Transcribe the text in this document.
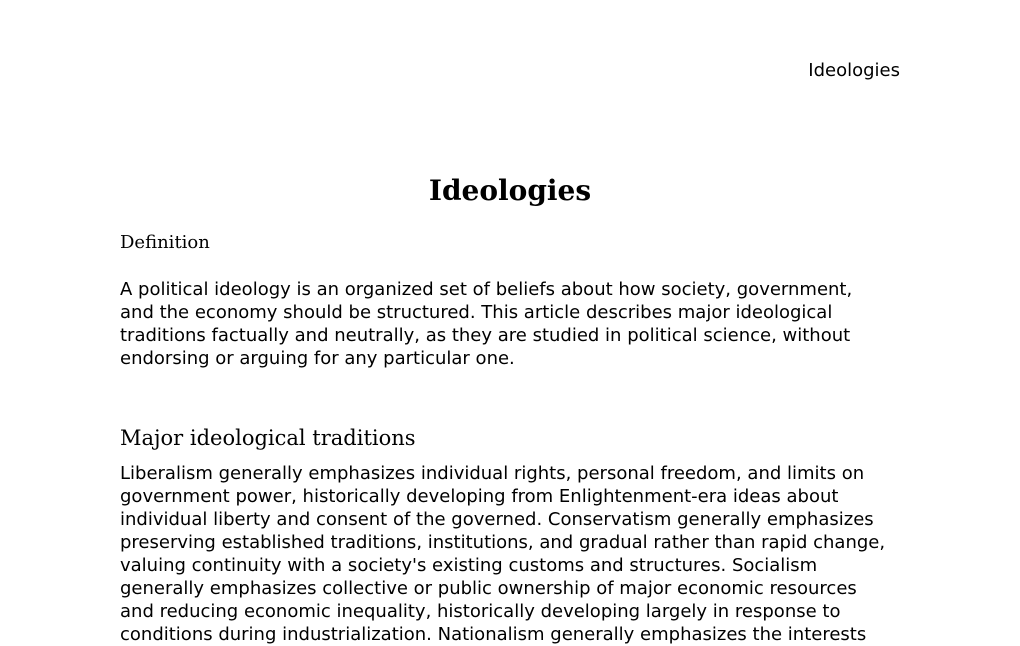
Ideologies
Ideologies
Definition

A political ideology is an organized set of beliefs about how society, government,
and the economy should be structured. This article describes major ideological
traditions factually and neutrally, as they are studied in political science, without
endorsing or arguing for any particular one.

Major ideological traditions

Liberalism generally emphasizes individual rights, personal freedom, and limits on
government power, historically developing from Enlightenment-era ideas about
individual liberty and consent of the governed. Conservatism generally emphasizes
preserving established traditions, institutions, and gradual rather than rapid change,
valuing continuity with a society's existing customs and structures. Socialism
generally emphasizes collective or public ownership of major economic resources
and reducing economic inequality, historically developing largely in response to
conditions during industrialization. Nationalism generally emphasizes the interests
